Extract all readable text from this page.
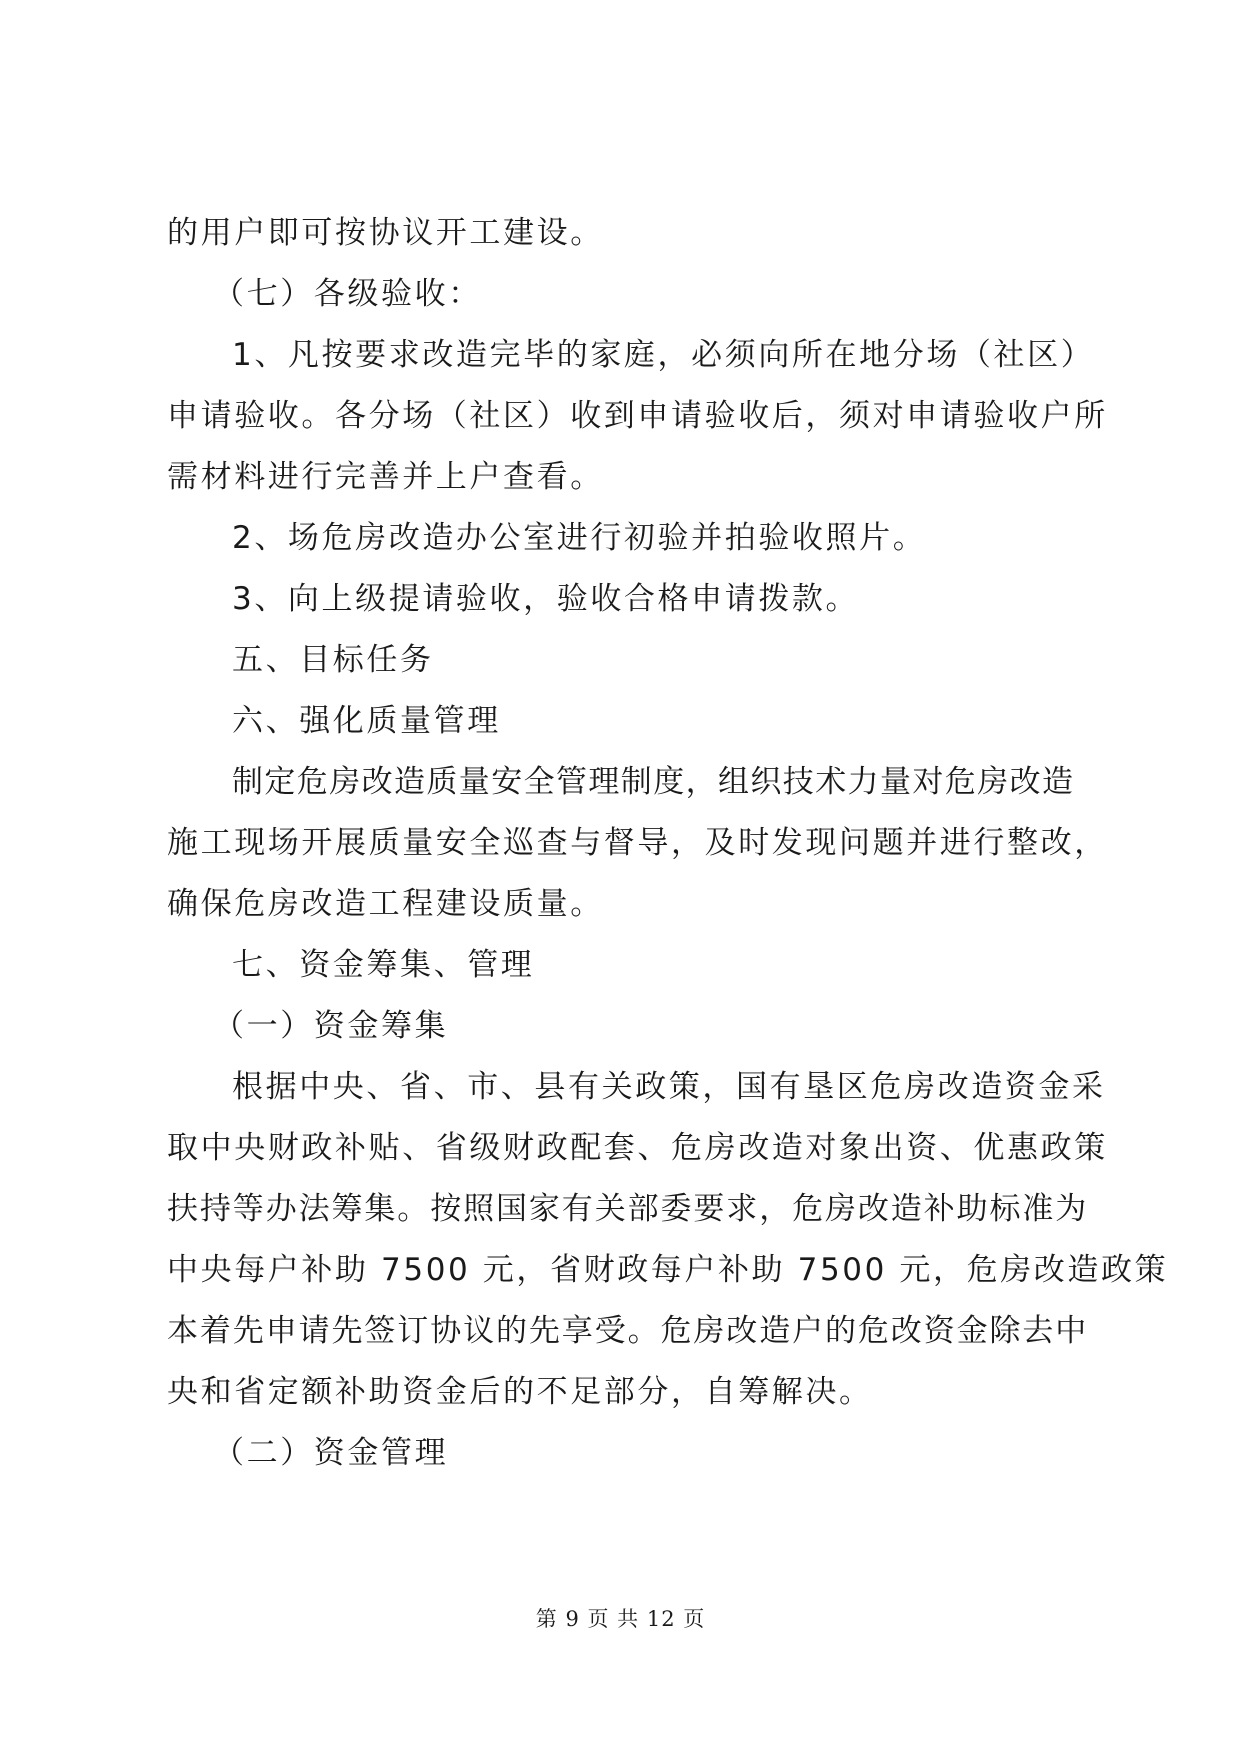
的用户即可按协议开工建设。
（七）各级验收：
1、凡按要求改造完毕的家庭，必须向所在地分场（社区）
申请验收。各分场（社区）收到申请验收后，须对申请验收户所
需材料进行完善并上户查看。
2、场危房改造办公室进行初验并拍验收照片。
3、向上级提请验收，验收合格申请拨款。
五、目标任务
六、强化质量管理
制定危房改造质量安全管理制度，组织技术力量对危房改造
施工现场开展质量安全巡查与督导，及时发现问题并进行整改，
确保危房改造工程建设质量。
七、资金筹集、管理
（一）资金筹集
根据中央、省、市、县有关政策，国有垦区危房改造资金采
取中央财政补贴、省级财政配套、危房改造对象出资、优惠政策
扶持等办法筹集。按照国家有关部委要求，危房改造补助标准为
中央每户补助 7500 元，省财政每户补助 7500 元，危房改造政策
本着先申请先签订协议的先享受。危房改造户的危改资金除去中
央和省定额补助资金后的不足部分，自筹解决。
（二）资金管理
第 9 页 共 12 页
